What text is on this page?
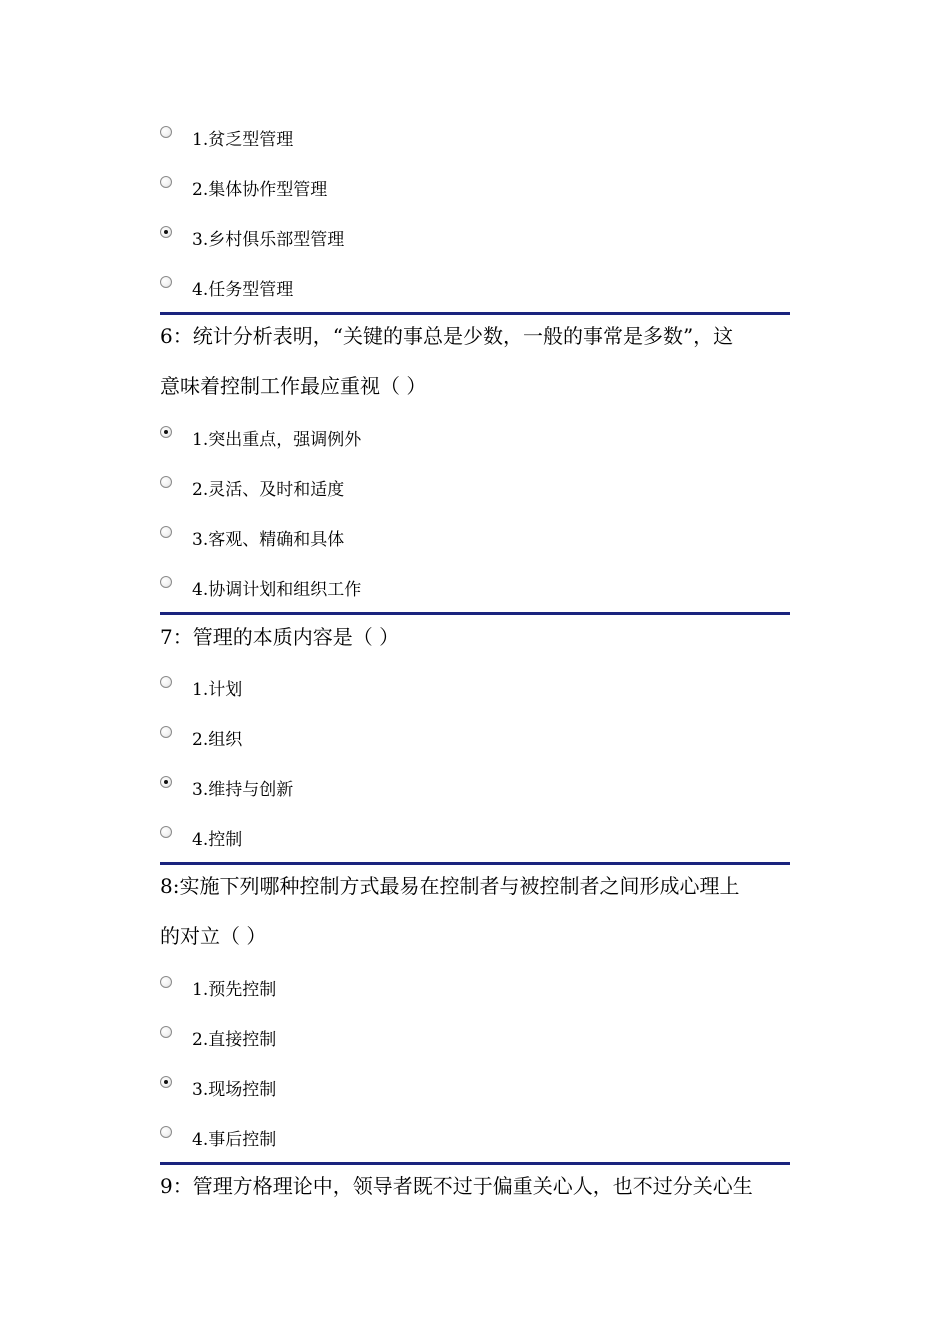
1.贫乏型管理
2.集体协作型管理
3.乡村俱乐部型管理
4.任务型管理
6：统计分析表明，“关键的事总是少数，一般的事常是多数”，这
意味着控制工作最应重视（ ）
1.突出重点，强调例外
2.灵活、及时和适度
3.客观、精确和具体
4.协调计划和组织工作
7：管理的本质内容是（ ）
1.计划
2.组织
3.维持与创新
4.控制
8:实施下列哪种控制方式最易在控制者与被控制者之间形成心理上
的对立（ ）
1.预先控制
2.直接控制
3.现场控制
4.事后控制
9：管理方格理论中，领导者既不过于偏重关心人，也不过分关心生
